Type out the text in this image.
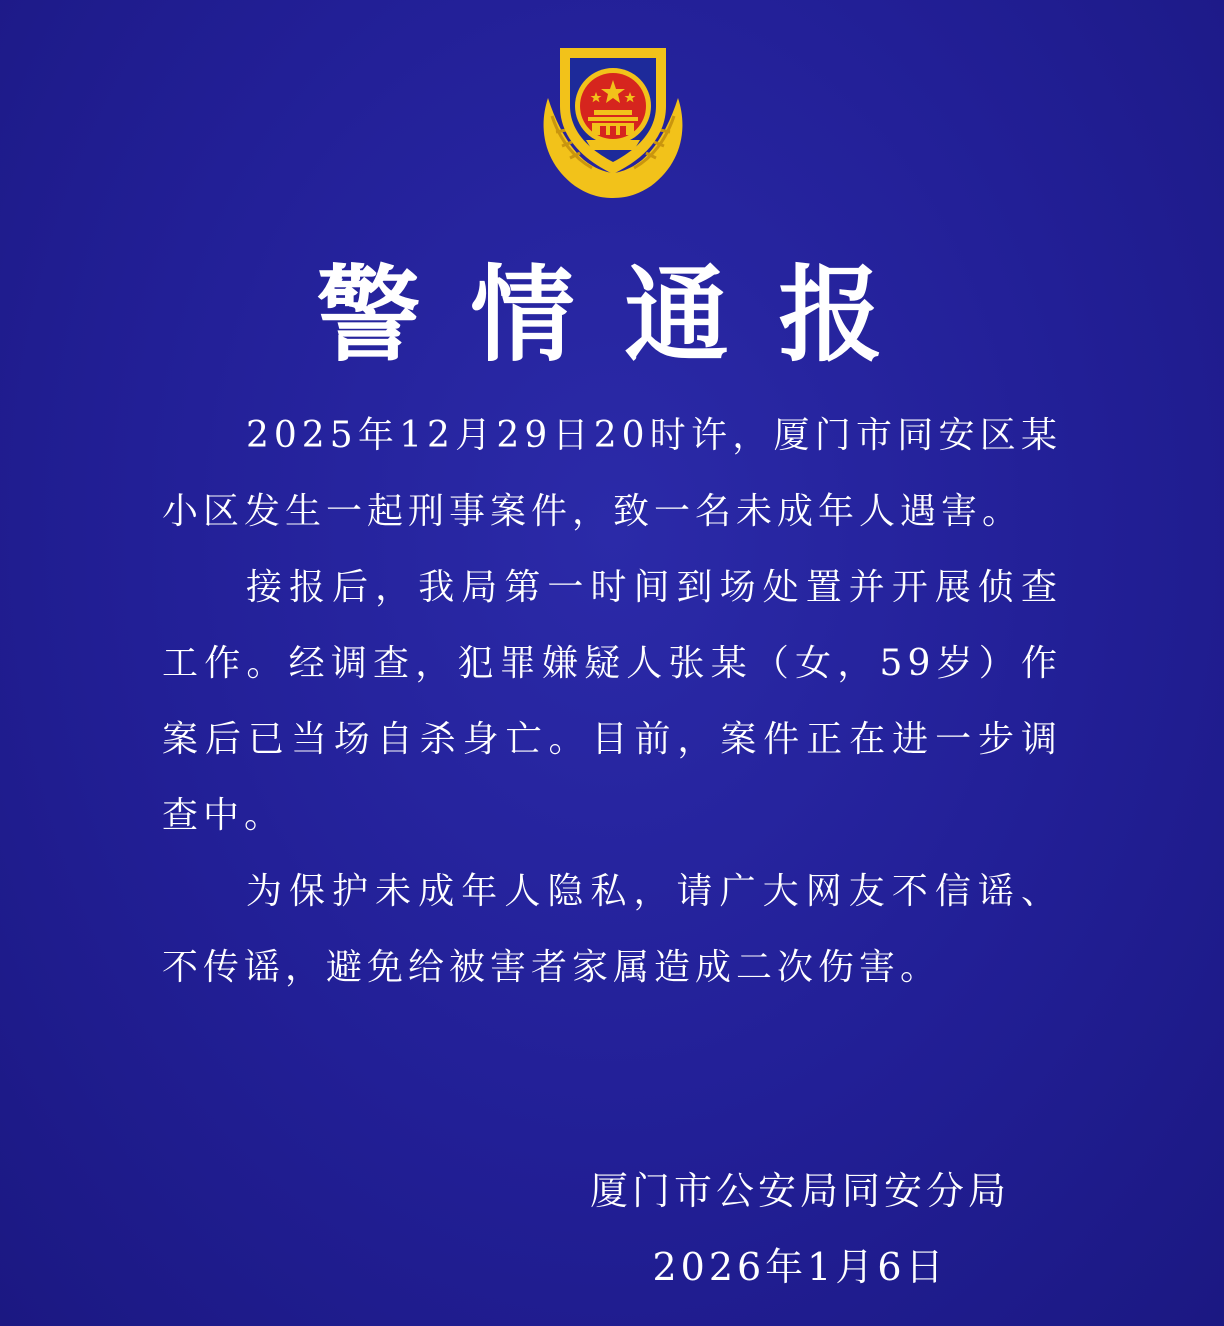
警情通报

2025年12月29日20时许，厦门市同安区某小区发生一起刑事案件，致一名未成年人遇害。

接报后，我局第一时间到场处置并开展侦查工作。经调查，犯罪嫌疑人张某（女，59岁）作案后已当场自杀身亡。目前，案件正在进一步调查中。

为保护未成年人隐私，请广大网友不信谣、不传谣，避免给被害者家属造成二次伤害。

厦门市公安局同安分局
2026年1月6日
